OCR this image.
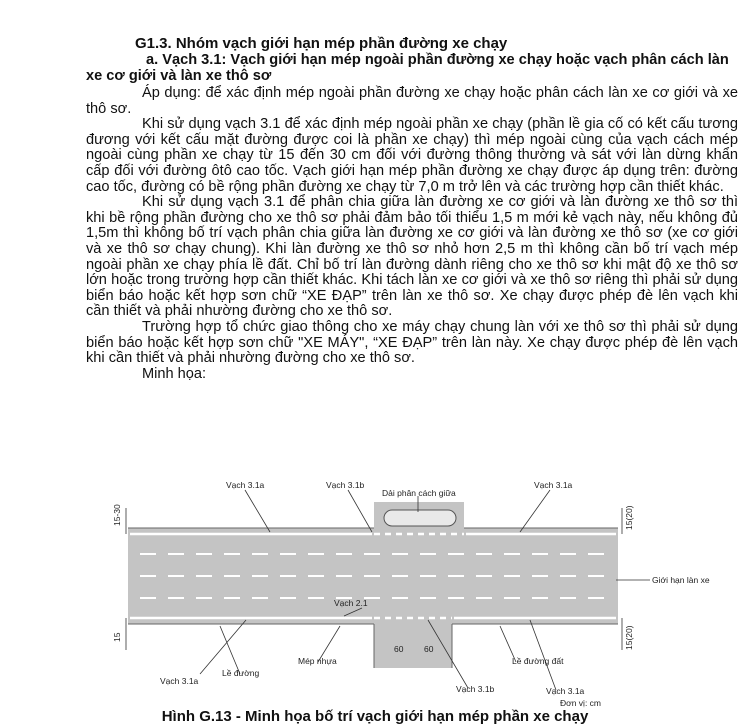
G1.3. Nhóm vạch giới hạn mép phần đường xe chạy
a. Vạch 3.1: Vạch giới hạn mép ngoài phần đường xe chạy hoặc vạch phân cách làn xe cơ giới và làn xe thô sơ

Áp dụng: để xác định mép ngoài phần đường xe chạy hoặc phân cách làn xe cơ giới và xe thô sơ.

Khi sử dụng vạch 3.1 để xác định mép ngoài phần xe chạy (phần lề gia cố có kết cấu tương đương với kết cấu mặt đường được coi là phần xe chạy) thì mép ngoài cùng của vạch cách mép ngoài cùng phần xe chạy từ 15 đến 30 cm đối với đường thông thường và sát với làn dừng khẩn cấp đối với đường ôtô cao tốc. Vạch giới hạn mép phần đường xe chạy được áp dụng trên: đường cao tốc, đường có bề rộng phần đường xe chạy từ 7,0 m trở lên và các trường hợp cần thiết khác.

Khi sử dụng vạch 3.1 để phân chia giữa làn đường xe cơ giới và làn đường xe thô sơ thì khi bề rộng phần đường cho xe thô sơ phải đảm bảo tối thiểu 1,5 m mới kẻ vạch này, nếu không đủ 1,5m thì không bố trí vạch phân chia giữa làn đường xe cơ giới và làn đường xe thô sơ (xe cơ giới và xe thô sơ chạy chung). Khi làn đường xe thô sơ nhỏ hơn 2,5 m thì không cần bố trí vạch mép ngoài phần xe chạy phía lề đất. Chỉ bố trí làn đường dành riêng cho xe thô sơ khi mật độ xe thô sơ lớn hoặc trong trường hợp cần thiết khác. Khi tách làn xe cơ giới và xe thô sơ riêng thì phải sử dụng biển báo hoặc kết hợp sơn chữ “XE ĐẠP” trên làn xe thô sơ. Xe chạy được phép đè lên vạch khi cần thiết và phải nhường đường cho xe thô sơ.

Trường hợp tổ chức giao thông cho xe máy chạy chung làn với xe thô sơ thì phải sử dụng biển báo hoặc kết hợp sơn chữ "XE MÁY", “XE ĐẠP” trên làn này. Xe chạy được phép đè lên vạch khi cần thiết và phải nhường đường cho xe thô sơ.

Minh họa:

Vạch 3.1a	Vạch 3.1b
Dải phân cách giữa
Vạch 3.1a
Giới hạn làn xe
Vạch 2.1
Vạch 3.1a
Lề đường
Mép nhựa	Lề đường đất
Vạch 3.1a
Vạch 3.1b
Đơn vị: cm
60 60
15-30	15(20)
15	15(20)
Hình G.13 - Minh họa bố trí vạch giới hạn mép phần xe chạy
